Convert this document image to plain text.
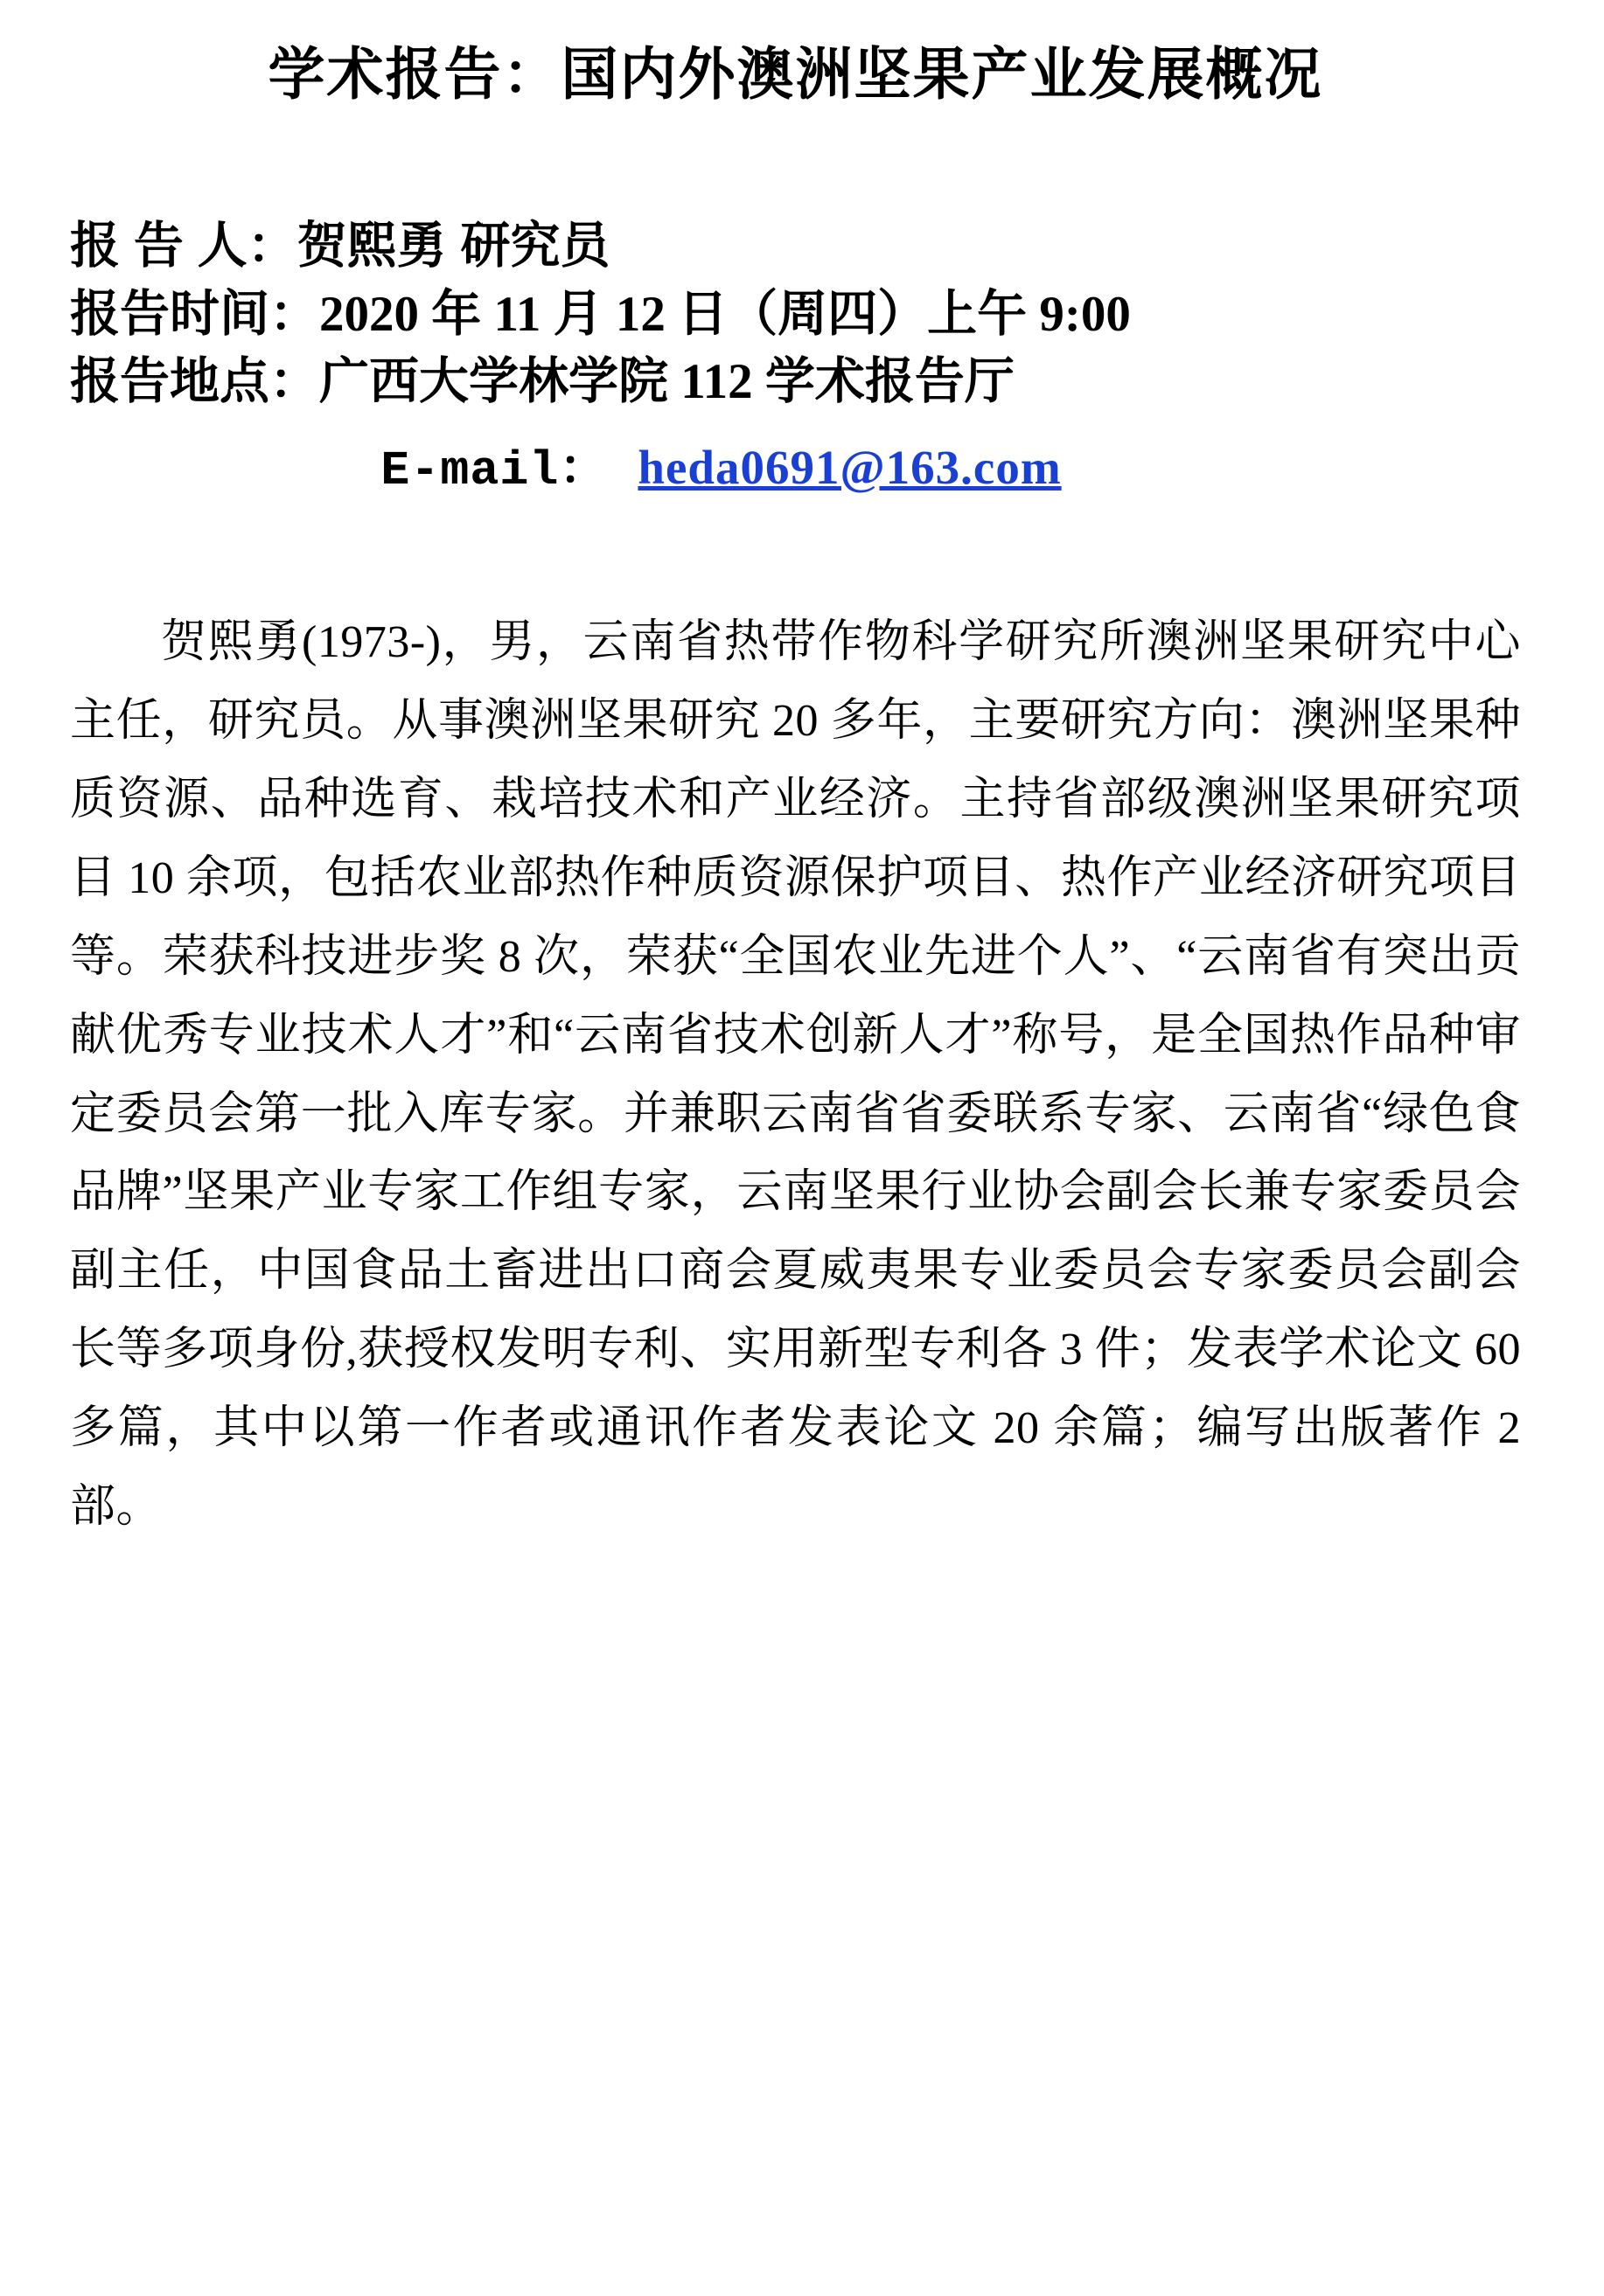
学术报告：国内外澳洲坚果产业发展概况
报 告 人：贺熙勇 研究员
报告时间：2020 年 11 月 12 日（周四）上午 9:00
报告地点：广西大学林学院 112 学术报告厅
E-mail： heda0691@163.com

贺熙勇(1973-)，男，云南省热带作物科学研究所澳洲坚果研究中心主任，研究员。从事澳洲坚果研究 20 多年，主要研究方向：澳洲坚果种质资源、品种选育、栽培技术和产业经济。主持省部级澳洲坚果研究项目 10 余项，包括农业部热作种质资源保护项目、热作产业经济研究项目等。荣获科技进步奖 8 次，荣获“全国农业先进个人”、“云南省有突出贡献优秀专业技术人才”和“云南省技术创新人才”称号，是全国热作品种审定委员会第一批入库专家。并兼职云南省省委联系专家、云南省“绿色食品牌”坚果产业专家工作组专家，云南坚果行业协会副会长兼专家委员会副主任，中国食品土畜进出口商会夏威夷果专业委员会专家委员会副会长等多项身份,获授权发明专利、实用新型专利各 3 件；发表学术论文 60 多篇，其中以第一作者或通讯作者发表论文 20 余篇；编写出版著作 2 部。
